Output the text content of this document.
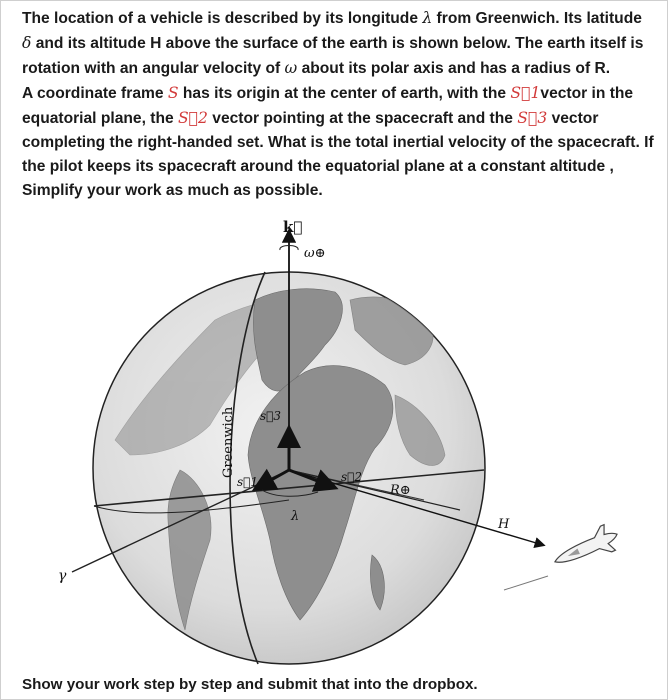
The location of a vehicle is described by its longitude λ from Greenwich. Its latitude δ and its altitude H above the surface of the earth is shown below. The earth itself is rotation with an angular velocity of ω about its polar axis and has a radius of R.
A coordinate frame S has its origin at the center of earth, with the S⃗1vector in the equatorial plane, the S⃗2 vector pointing at the spacecraft and the S⃗3 vector completing the right-handed set. What is the total inertial velocity of the spacecraft. If the pilot keeps its spacecraft around the equatorial plane at a constant altitude , Simplify your work as much as possible.
k⃗
ω⊕
Greenwich
s⃗1	s⃗2
s⃗3
λ
R⊕
H
γ
Show your work step by step and submit that into the dropbox.
